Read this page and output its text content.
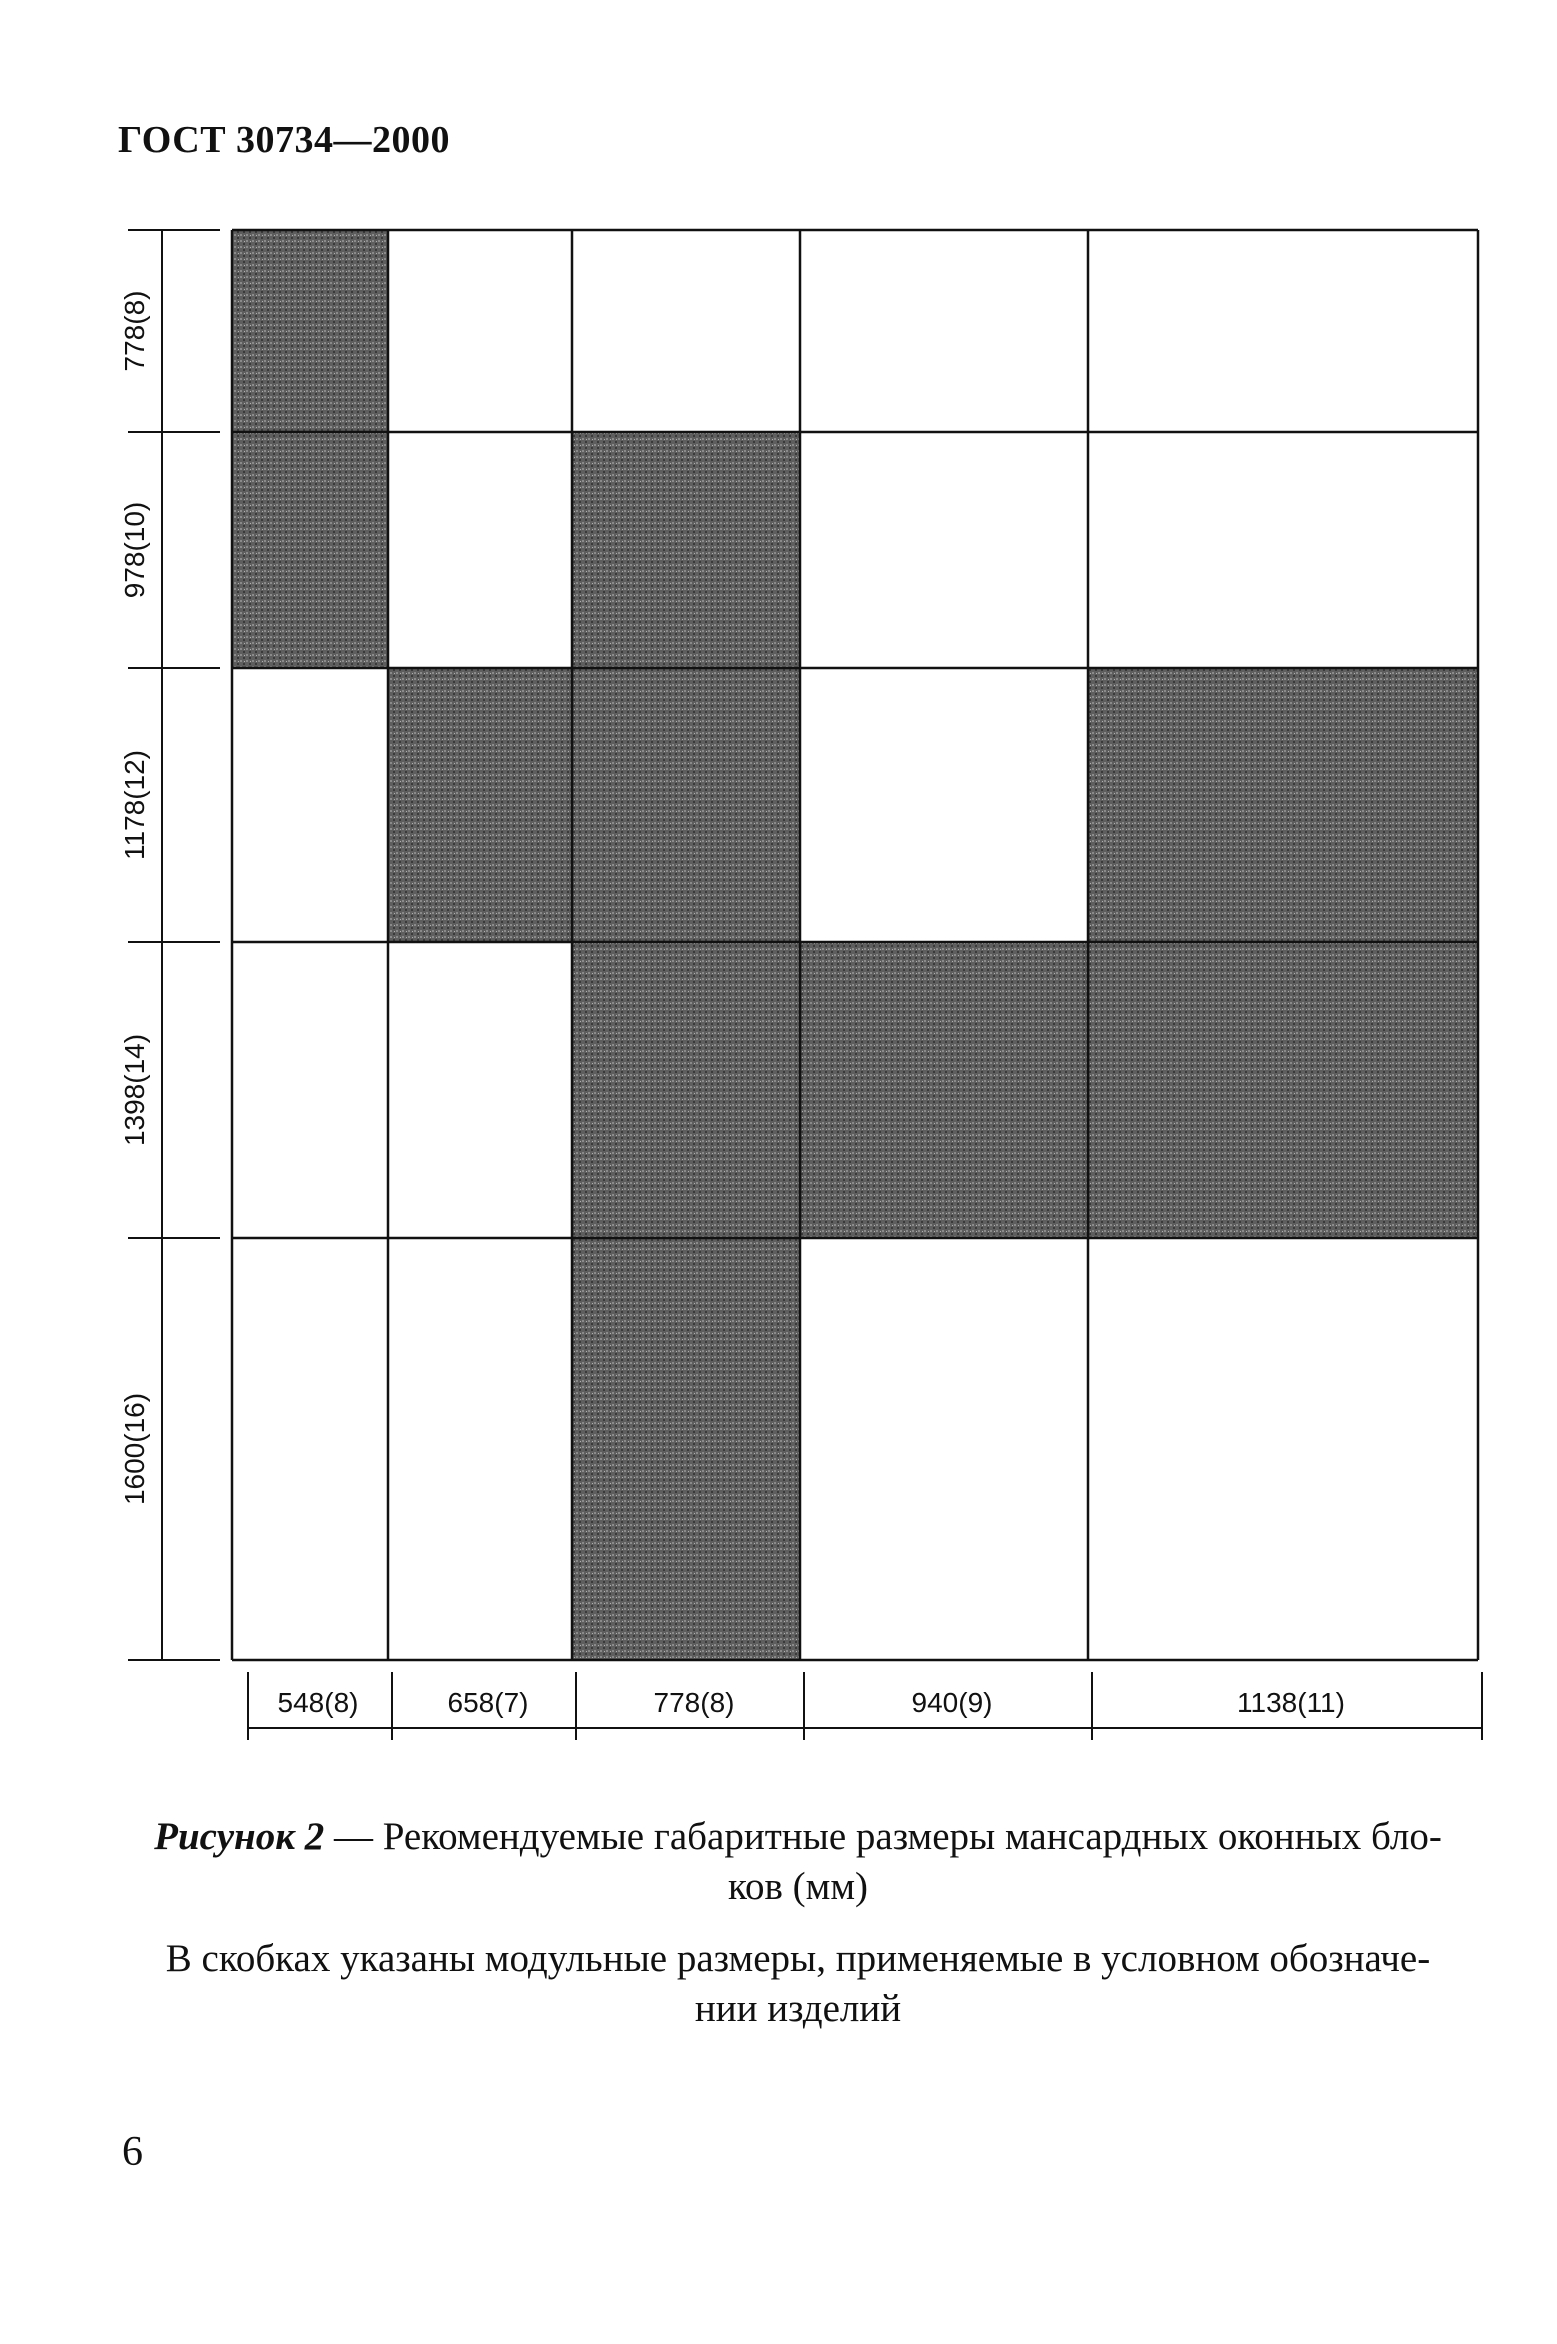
ГОСТ 30734—2000
548(8)	658(7)	778(8)	940(9)	1138(11)
778(8)
978(10)
1178(12)
1398(14)
1600(16)
Рисунок 2 — Рекомендуемые габаритные размеры мансардных оконных бло-
ков (мм)
В скобках указаны модульные размеры, применяемые в условном обозначе-
нии изделий
6
